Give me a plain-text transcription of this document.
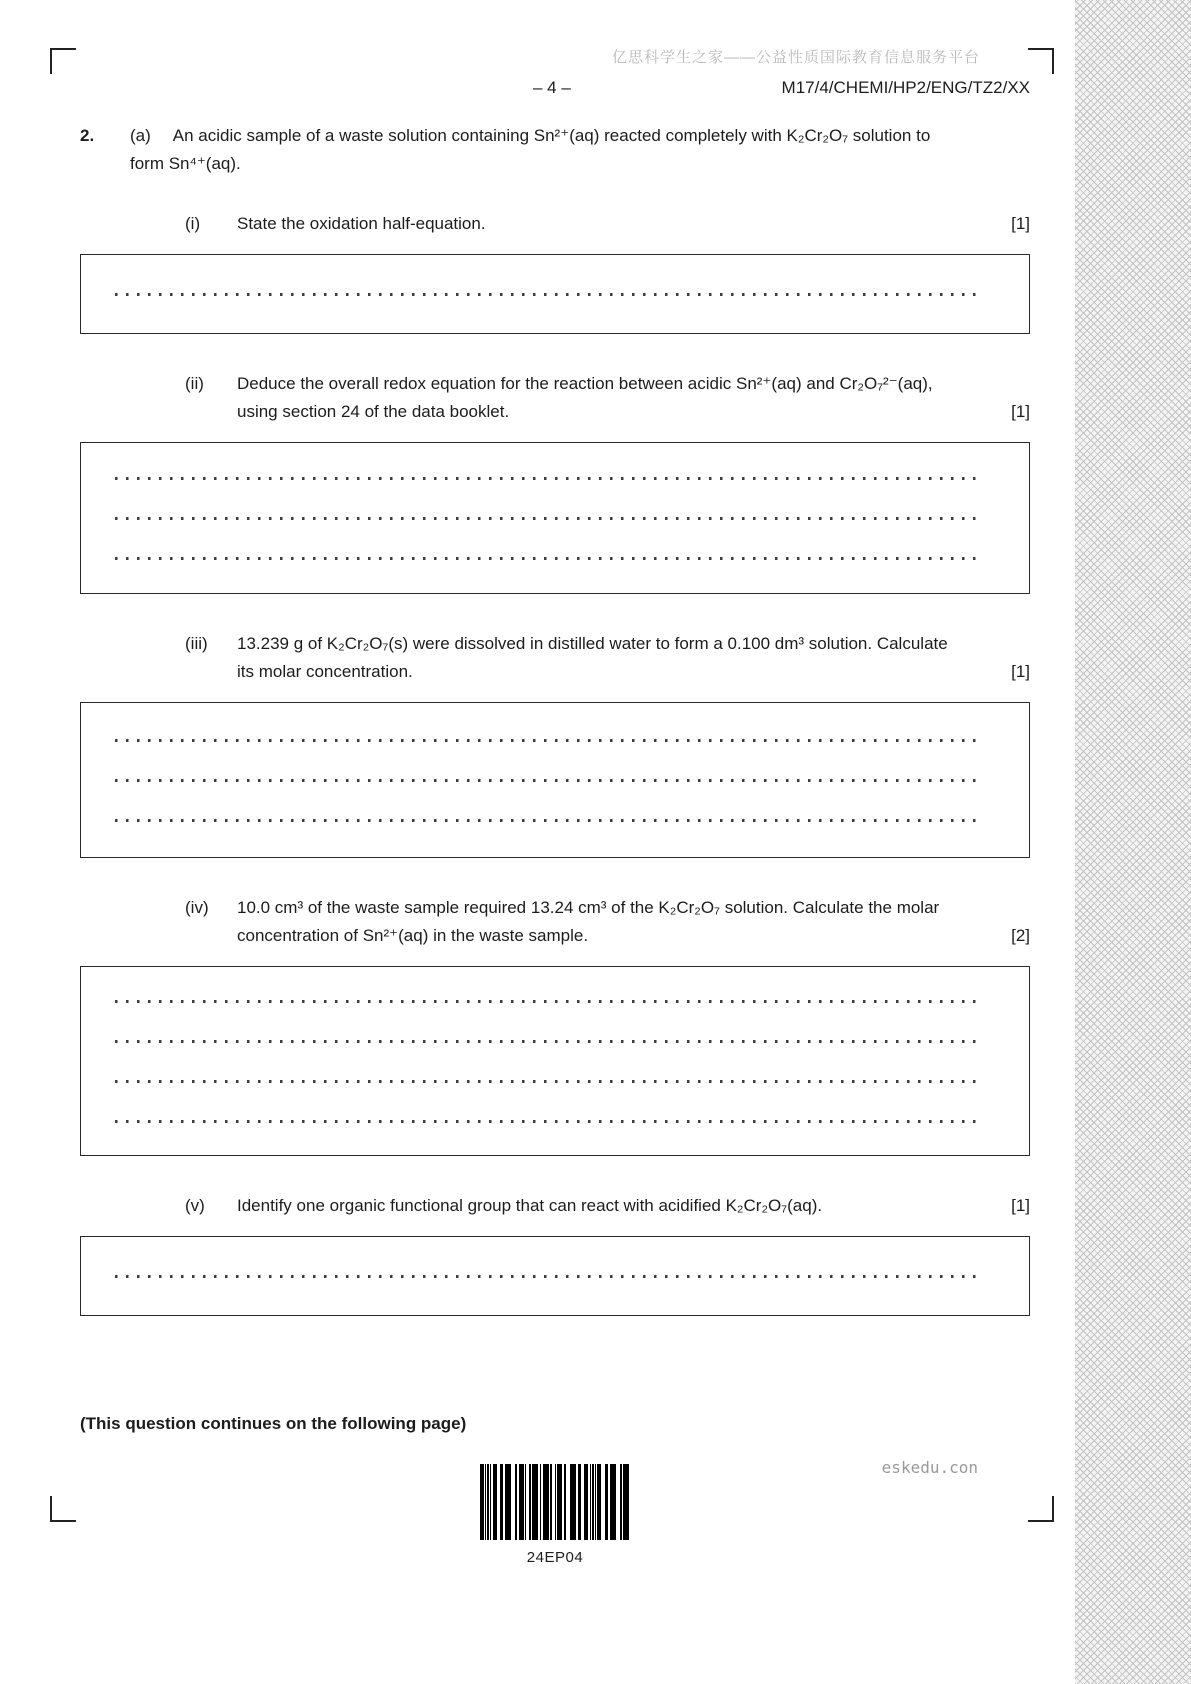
亿思科学生之家——公益性质国际教育信息服务平台
– 4 –	M17/4/CHEMI/HP2/ENG/TZ2/XX
2.	(a) An acidic sample of a waste solution containing Sn²⁺(aq) reacted completely with K₂Cr₂O₇ solution to form Sn⁴⁺(aq).
(i)	State the oxidation half-equation.	[1]
(ii)	Deduce the overall redox equation for the reaction between acidic Sn²⁺(aq) and Cr₂O₇²⁻(aq), using section 24 of the data booklet.	[1]
(iii)	13.239 g of K₂Cr₂O₇(s) were dissolved in distilled water to form a 0.100 dm³ solution. Calculate its molar concentration.	[1]
(iv)	10.0 cm³ of the waste sample required 13.24 cm³ of the K₂Cr₂O₇ solution. Calculate the molar concentration of Sn²⁺(aq) in the waste sample.	[2]
(v)	Identify one organic functional group that can react with acidified K₂Cr₂O₇(aq).	[1]
(This question continues on the following page)
24EP04
eskedu.con
